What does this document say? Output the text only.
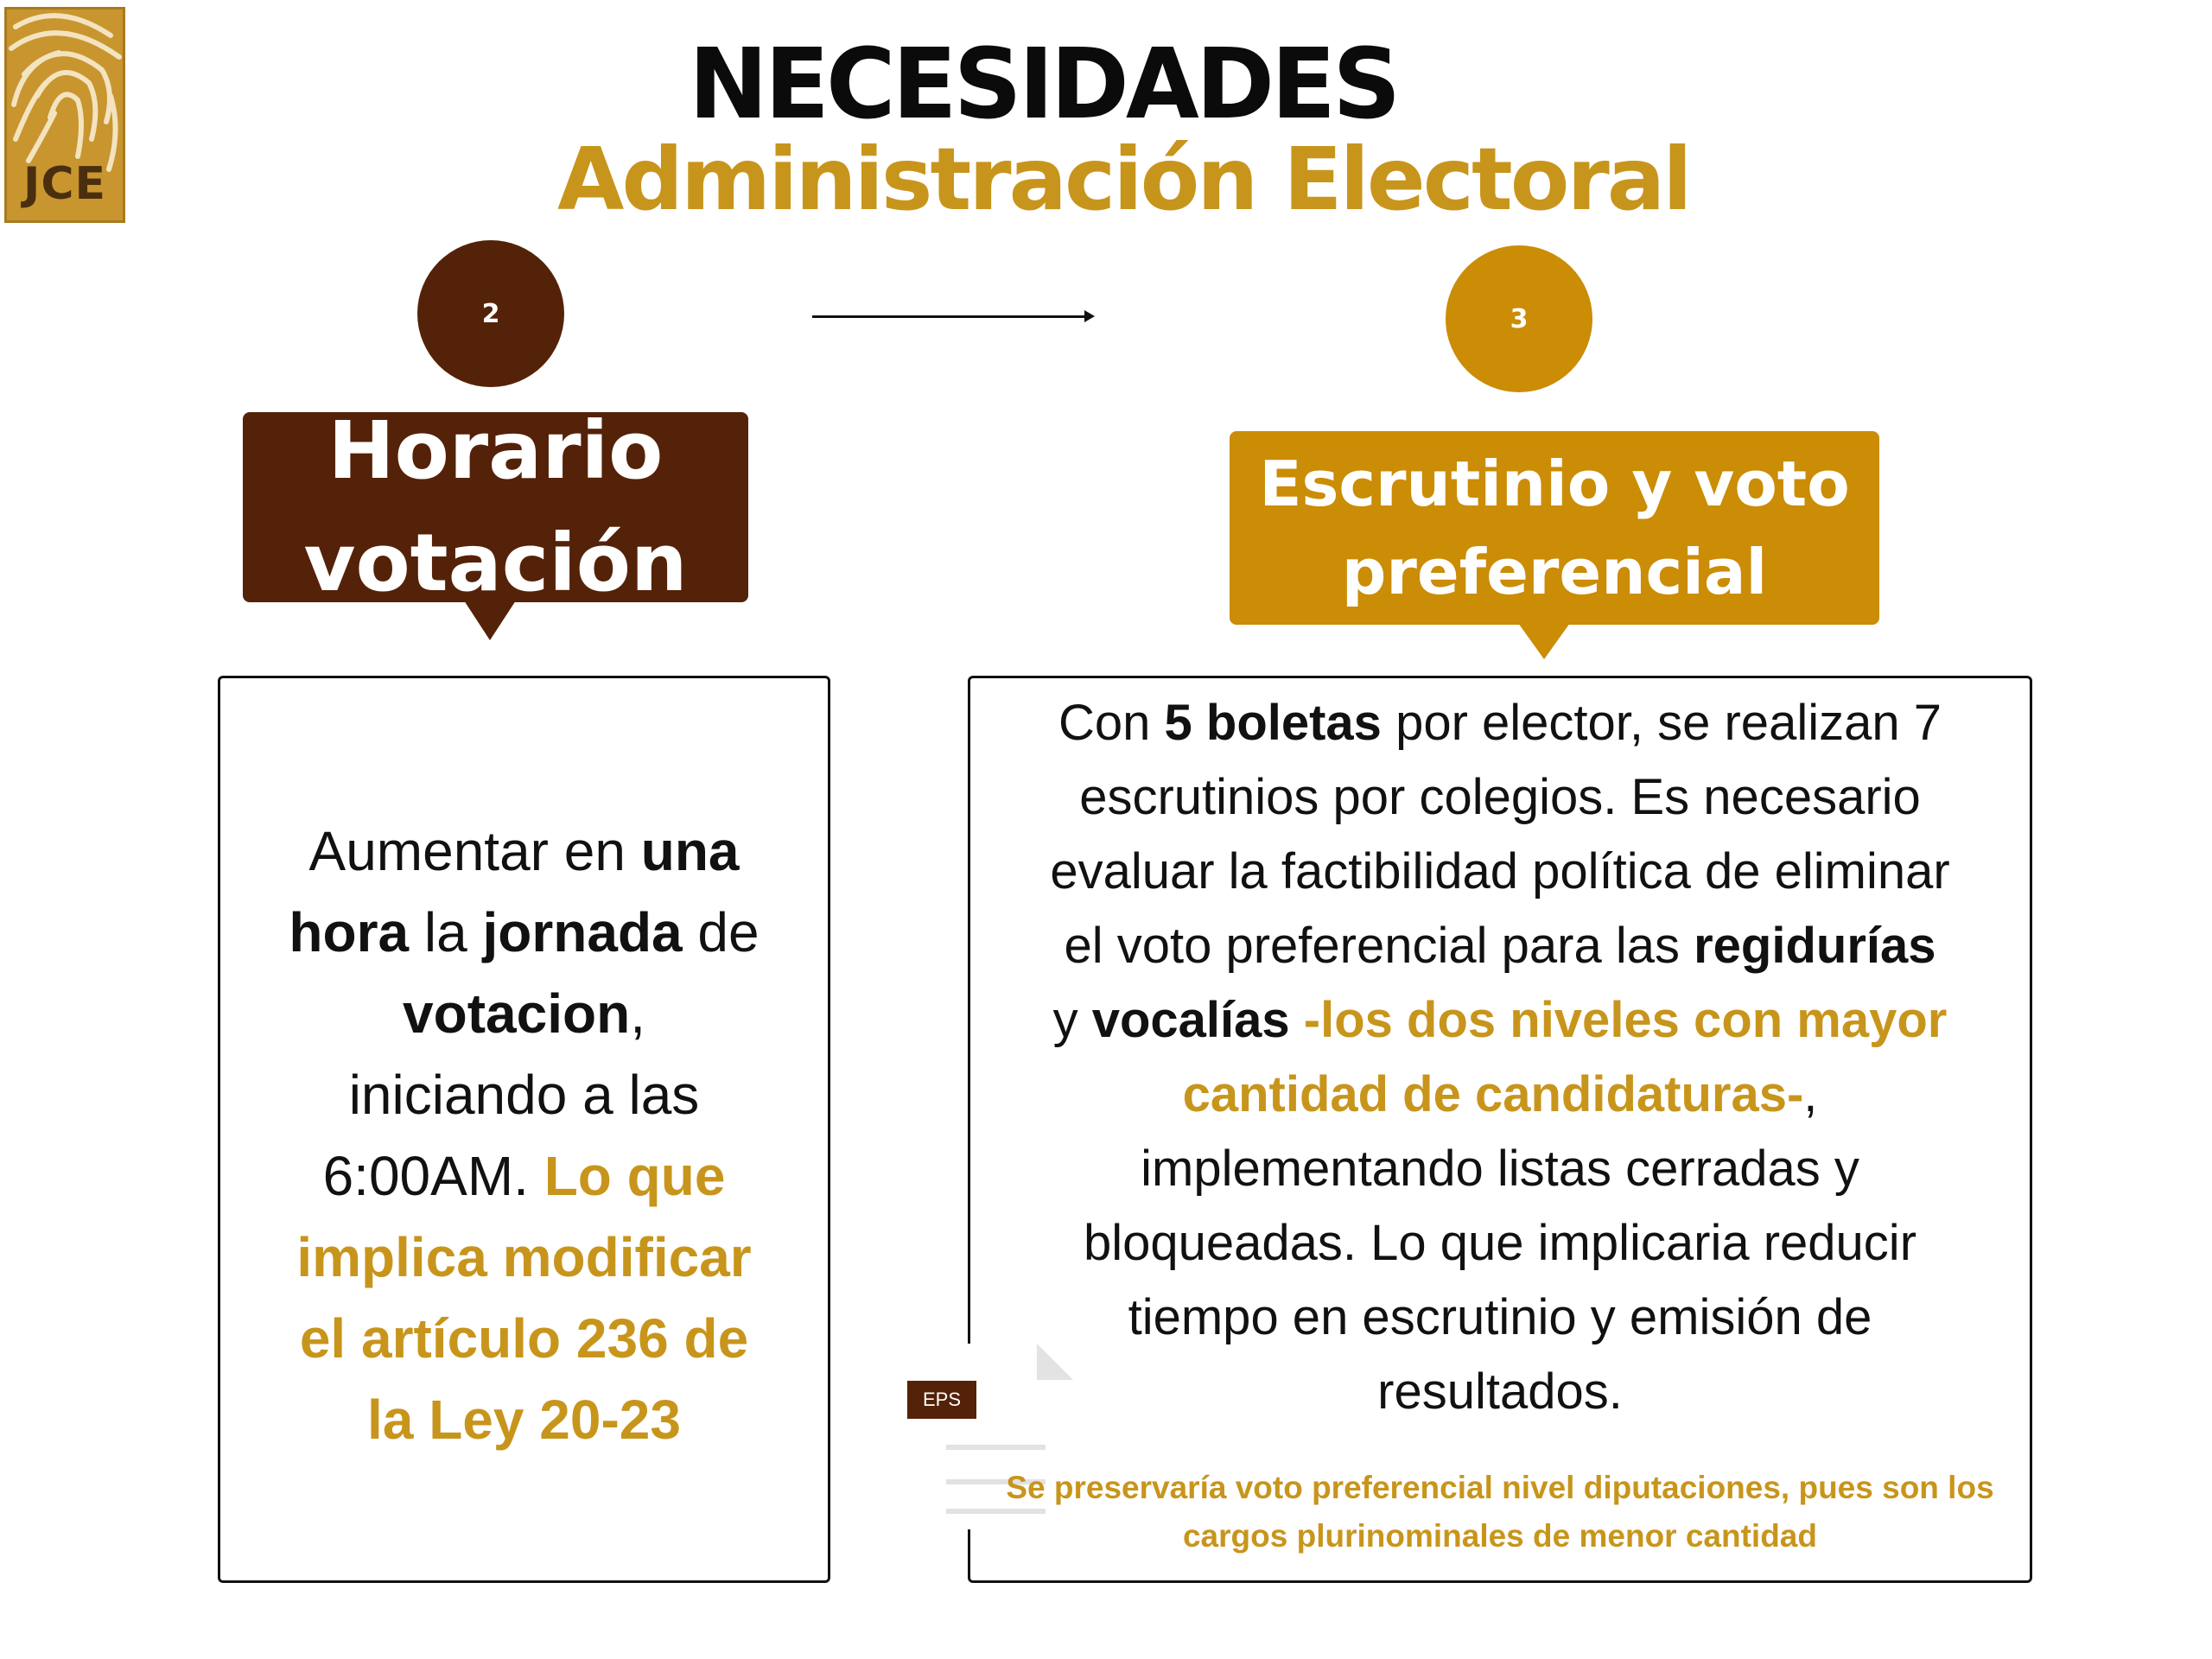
JCE
NECESIDADES
Administración Electoral
2	3
Horario
votación
Escrutinio y voto
preferencial
Aumentar en una
hora la jornada de
votacion,
iniciando a las
6:00AM. Lo que
implica modificar
el artículo 236 de
la Ley 20-23
Con 5 boletas por elector, se realizan 7
escrutinios por colegios. Es necesario
evaluar la factibilidad política de eliminar
el voto preferencial para las regidurías
y vocalías -los dos niveles con mayor
cantidad de candidaturas-,
implementando listas cerradas y
bloqueadas. Lo que implicaria reducir
tiempo en escrutinio y emisión de
resultados.
EPS
Se preservaría voto preferencial nivel diputaciones, pues son los
cargos plurinominales de menor cantidad
